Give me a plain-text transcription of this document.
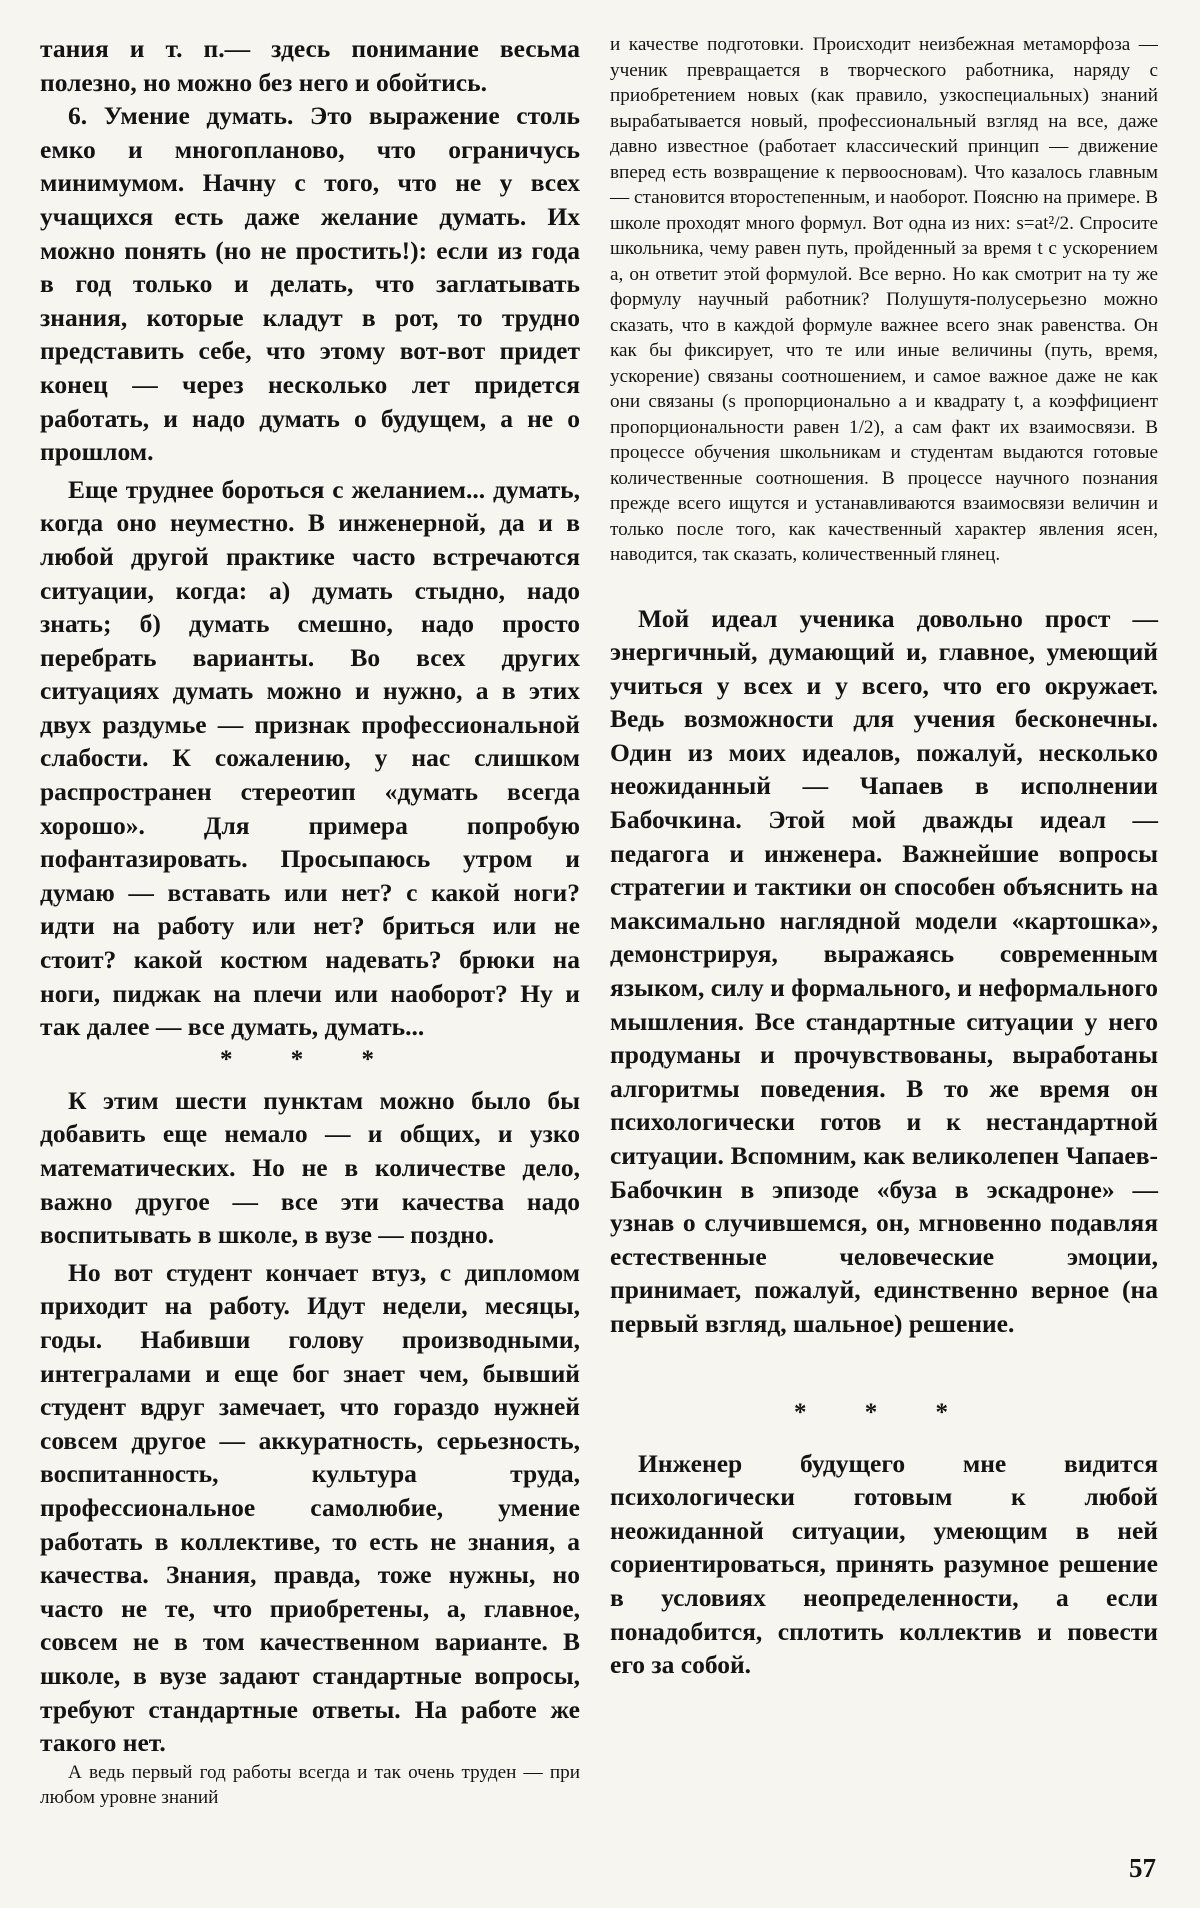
тания и т. п.— здесь понимание весьма полезно, но можно без него и обойтись.

6. Умение думать. Это выражение столь емко и многопланово, что ограничусь минимумом. Начну с того, что не у всех учащихся есть даже желание думать. Их можно понять (но не простить!): если из года в год только и делать, что заглатывать знания, которые кладут в рот, то трудно представить себе, что этому вот-вот придет конец — через несколько лет придется работать, и надо думать о будущем, а не о прошлом.

Еще труднее бороться с желанием... думать, когда оно неуместно. В инженерной, да и в любой другой практике часто встречаются ситуации, когда: а) думать стыдно, надо знать; б) думать смешно, надо просто перебрать варианты. Во всех других ситуациях думать можно и нужно, а в этих двух раздумье — признак профессиональной слабости. К сожалению, у нас слишком распространен стереотип «думать всегда хорошо». Для примера попробую пофантазировать. Просыпаюсь утром и думаю — вставать или нет? с какой ноги? идти на работу или нет? бриться или не стоит? какой костюм надевать? брюки на ноги, пиджак на плечи или наоборот? Ну и так далее — все думать, думать...

* * *

К этим шести пунктам можно было бы добавить еще немало — и общих, и узко математических. Но не в количестве дело, важно другое — все эти качества надо воспитывать в школе, в вузе — поздно.

Но вот студент кончает втуз, с дипломом приходит на работу. Идут недели, месяцы, годы. Набивши голову производными, интегралами и еще бог знает чем, бывший студент вдруг замечает, что гораздо нужней совсем другое — аккуратность, серьезность, воспитанность, культура труда, профессиональное самолюбие, умение работать в коллективе, то есть не знания, а качества. Знания, правда, тоже нужны, но часто не те, что приобретены, а, главное, совсем не в том качественном варианте. В школе, в вузе задают стандартные вопросы, требуют стандартные ответы. На работе же такого нет.

А ведь первый год работы всегда и так очень труден — при любом уровне знаний

и качестве подготовки. Происходит неизбежная метаморфоза — ученик превращается в творческого работника, наряду с приобретением новых (как правило, узкоспециальных) знаний вырабатывается новый, профессиональный взгляд на все, даже давно известное (работает классический принцип — движение вперед есть возвращение к первоосновам). Что казалось главным — становится второстепенным, и наоборот. Поясню на примере. В школе проходят много формул. Вот одна из них: s=at²/2. Спросите школьника, чему равен путь, пройденный за время t с ускорением a, он ответит этой формулой. Все верно. Но как смотрит на ту же формулу научный работник? Полушутя-полусерьезно можно сказать, что в каждой формуле важнее всего знак равенства. Он как бы фиксирует, что те или иные величины (путь, время, ускорение) связаны соотношением, и самое важное даже не как они связаны (s пропорционально a и квадрату t, а коэффициент пропорциональности равен 1/2), а сам факт их взаимосвязи. В процессе обучения школьникам и студентам выдаются готовые количественные соотношения. В процессе научного познания прежде всего ищутся и устанавливаются взаимосвязи величин и только после того, как качественный характер явления ясен, наводится, так сказать, количественный глянец.

Мой идеал ученика довольно прост — энергичный, думающий и, главное, умеющий учиться у всех и у всего, что его окружает. Ведь возможности для учения бесконечны. Один из моих идеалов, пожалуй, несколько неожиданный — Чапаев в исполнении Бабочкина. Этой мой дважды идеал — педагога и инженера. Важнейшие вопросы стратегии и тактики он способен объяснить на максимально наглядной модели «картошка», демонстрируя, выражаясь современным языком, силу и формального, и неформального мышления. Все стандартные ситуации у него продуманы и прочувствованы, выработаны алгоритмы поведения. В то же время он психологически готов и к нестандартной ситуации. Вспомним, как великолепен Чапаев-Бабочкин в эпизоде «буза в эскадроне» — узнав о случившемся, он, мгновенно подавляя естественные человеческие эмоции, принимает, пожалуй, единственно верное (на первый взгляд, шальное) решение.

* * *

Инженер будущего мне видится психологически готовым к любой неожиданной ситуации, умеющим в ней сориентироваться, принять разумное решение в условиях неопределенности, а если понадобится, сплотить коллектив и повести его за собой.

57
